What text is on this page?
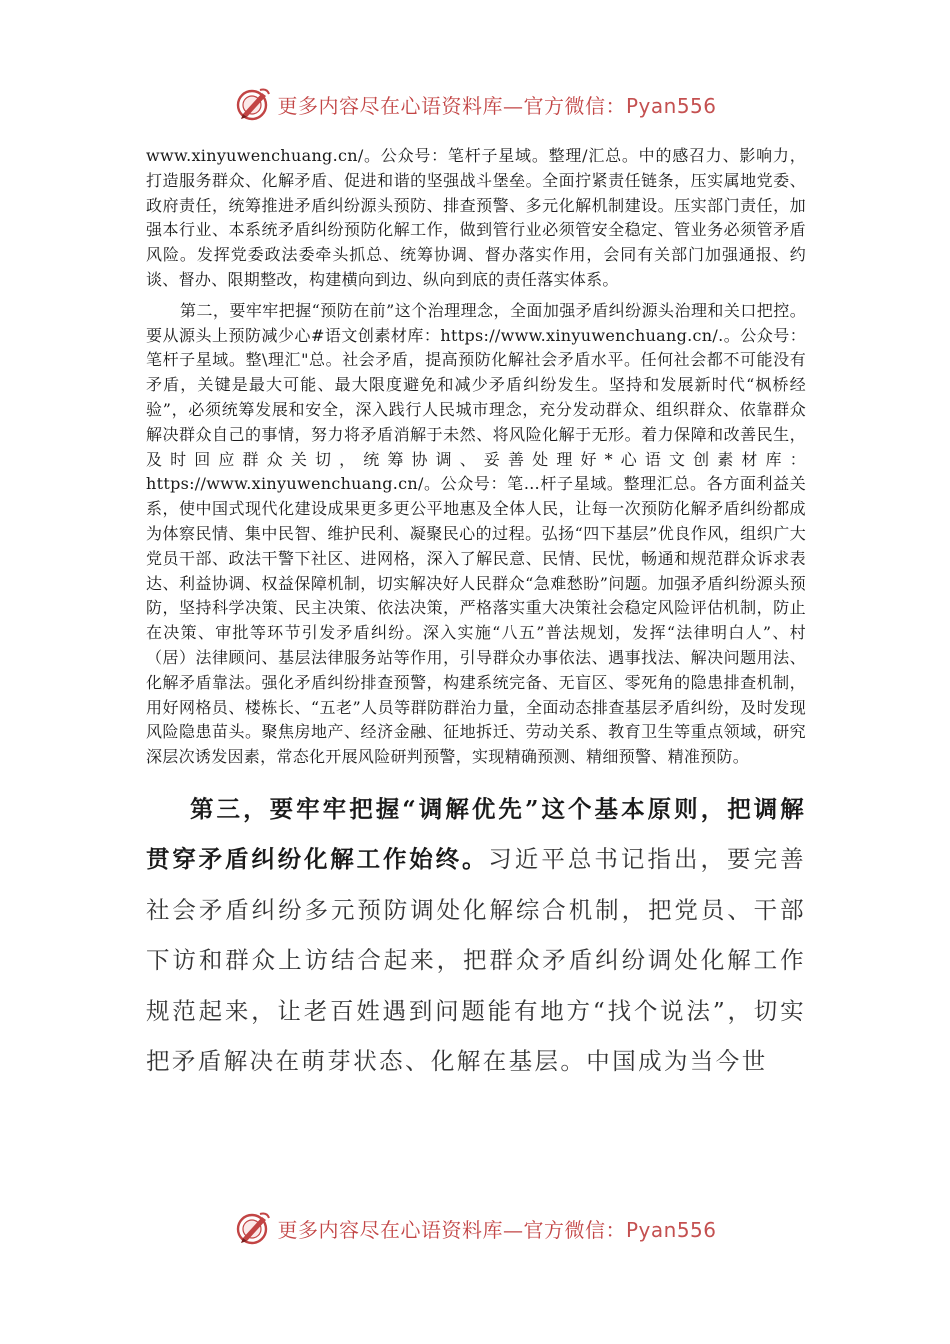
更多内容尽在心语资料库—官方微信：Pyan556

www.xinyuwenchuang.cn/。公众号：笔杆子星域。整理/汇总。中的感召力、影响力，打造服务群众、化解矛盾、促进和谐的坚强战斗堡垒。全面拧紧责任链条，压实属地党委、政府责任，统筹推进矛盾纠纷源头预防、排查预警、多元化解机制建设。压实部门责任，加强本行业、本系统矛盾纠纷预防化解工作，做到管行业必须管安全稳定、管业务必须管矛盾风险。发挥党委政法委牵头抓总、统筹协调、督办落实作用，会同有关部门加强通报、约谈、督办、限期整改，构建横向到边、纵向到底的责任落实体系。

第二，要牢牢把握“预防在前”这个治理理念，全面加强矛盾纠纷源头治理和关口把控。要从源头上预防减少心#语文创素材库：https://www.xinyuwenchuang.cn/.。公众号：笔杆子星域。整\理汇"总。社会矛盾，提高预防化解社会矛盾水平。任何社会都不可能没有矛盾，关键是最大可能、最大限度避免和减少矛盾纠纷发生。坚持和发展新时代“枫桥经验”，必须统筹发展和安全，深入践行人民城市理念，充分发动群众、组织群众、依靠群众解决群众自己的事情，努力将矛盾消解于未然、将风险化解于无形。着力保障和改善民生，及时回应群众关切，统筹协调、妥善处理好*心语文创素材库：https://www.xinyuwenchuang.cn/。公众号：笔…杆子星域。整理汇总。各方面利益关系，使中国式现代化建设成果更多更公平地惠及全体人民，让每一次预防化解矛盾纠纷都成为体察民情、集中民智、维护民利、凝聚民心的过程。弘扬“四下基层”优良作风，组织广大党员干部、政法干警下社区、进网格，深入了解民意、民情、民忧，畅通和规范群众诉求表达、利益协调、权益保障机制，切实解决好人民群众“急难愁盼”问题。加强矛盾纠纷源头预防，坚持科学决策、民主决策、依法决策，严格落实重大决策社会稳定风险评估机制，防止在决策、审批等环节引发矛盾纠纷。深入实施“八五”普法规划，发挥“法律明白人”、村（居）法律顾问、基层法律服务站等作用，引导群众办事依法、遇事找法、解决问题用法、化解矛盾靠法。强化矛盾纠纷排查预警，构建系统完备、无盲区、零死角的隐患排查机制，用好网格员、楼栋长、“五老”人员等群防群治力量，全面动态排查基层矛盾纠纷，及时发现风险隐患苗头。聚焦房地产、经济金融、征地拆迁、劳动关系、教育卫生等重点领域，研究深层次诱发因素，常态化开展风险研判预警，实现精确预测、精细预警、精准预防。

第三，要牢牢把握“调解优先”这个基本原则，把调解贯穿矛盾纠纷化解工作始终。习近平总书记指出，要完善社会矛盾纠纷多元预防调处化解综合机制，把党员、干部下访和群众上访结合起来，把群众矛盾纠纷调处化解工作规范起来，让老百姓遇到问题能有地方“找个说法”，切实把矛盾解决在萌芽状态、化解在基层。中国成为当今世

更多内容尽在心语资料库—官方微信：Pyan556
